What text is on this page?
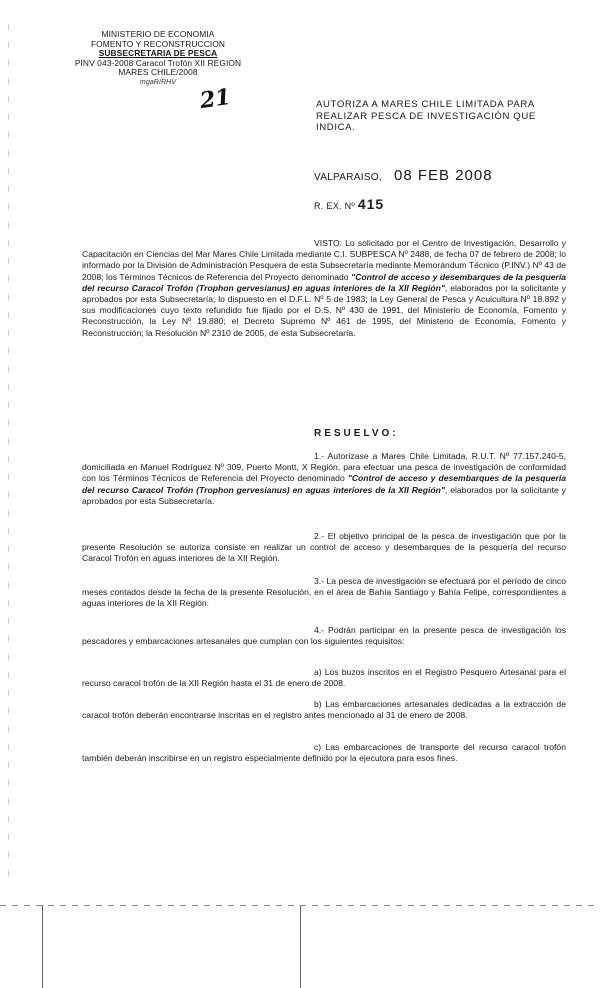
MINISTERIO DE ECONOMIA
FOMENTO Y RECONSTRUCCION
SUBSECRETARIA DE PESCA
PINV 043-2008 Caracol Trofón XII REGION
MARES CHILE/2008
mgaR/RHV
21	AUTORIZA A MARES CHILE LIMITADA PARA REALIZAR PESCA DE INVESTIGACIÓN QUE INDICA.
VALPARAISO, 08 FEB 2008
R. EX. Nº 415
VISTO: Lo solicitado por el Centro de Investigación, Desarrollo y Capacitación en Ciencias del Mar Mares Chile Limitada mediante C.I. SUBPESCA Nº 2488, de fecha 07 de febrero de 2008; lo informado por la División de Administración Pesquera de esta Subsecretaría mediante Memorándum Técnico (P.INV.) Nº 43 de 2008; los Términos Técnicos de Referencia del Proyecto denominado "Control de acceso y desembarques de la pesquería del recurso Caracol Trofón (Trophon gervesianus) en aguas interiores de la XII Región", elaborados por la solicitante y aprobados por esta Subsecretaría; lo dispuesto en el D.F.L. Nº 5 de 1983; la Ley General de Pesca y Acuicultura Nº 18.892 y sus modificaciones cuyo texto refundido fue fijado por el D.S. Nº 430 de 1991, del Ministerio de Economía, Fomento y Reconstrucción, la Ley Nº 19.880; el Decreto Supremo Nº 461 de 1995, del Ministerio de Economía, Fomento y Reconstrucción; la Resolución Nº 2310 de 2005, de esta Subsecretaría.
RESUELVO:
1.- Autorízase a Mares Chile Limitada, R.U.T. Nº 77.157.240-5, domiciliada en Manuel Rodríguez Nº 309, Puerto Montt, X Región, para efectuar una pesca de investigación de conformidad con los Términos Técnicos de Referencia del Proyecto denominado "Control de acceso y desembarques de la pesquería del recurso Caracol Trofón (Trophon gervesianus) en aguas interiores de la XII Región", elaborados por la solicitante y aprobados por esta Subsecretaría.
2.- El objetivo principal de la pesca de investigación que por la presente Resolución se autoriza consiste en realizar un control de acceso y desembarques de la pesquería del recurso Caracol Trofón en aguas interiores de la XII Región.
3.- La pesca de investigación se efectuará por el período de cinco meses contados desde la fecha de la presente Resolución, en el área de Bahía Santiago y Bahía Felipe, correspondientes a aguas interiores de la XII Región.
4.- Podrán participar en la presente pesca de investigación los pescadores y embarcaciones artesanales que cumplan con los siguientes requisitos:
a) Los buzos inscritos en el Registro Pesquero Artesanal para el recurso caracol trofón de la XII Región hasta el 31 de enero de 2008.
b) Las embarcaciones artesanales dedicadas a la extracción de caracol trofón deberán encontrarse inscritas en el registro antes mencionado al 31 de enero de 2008.
c) Las embarcaciones de transporte del recurso caracol trofón también deberán inscribirse en un registro especialmente definido por la ejecutora para esos fines.
